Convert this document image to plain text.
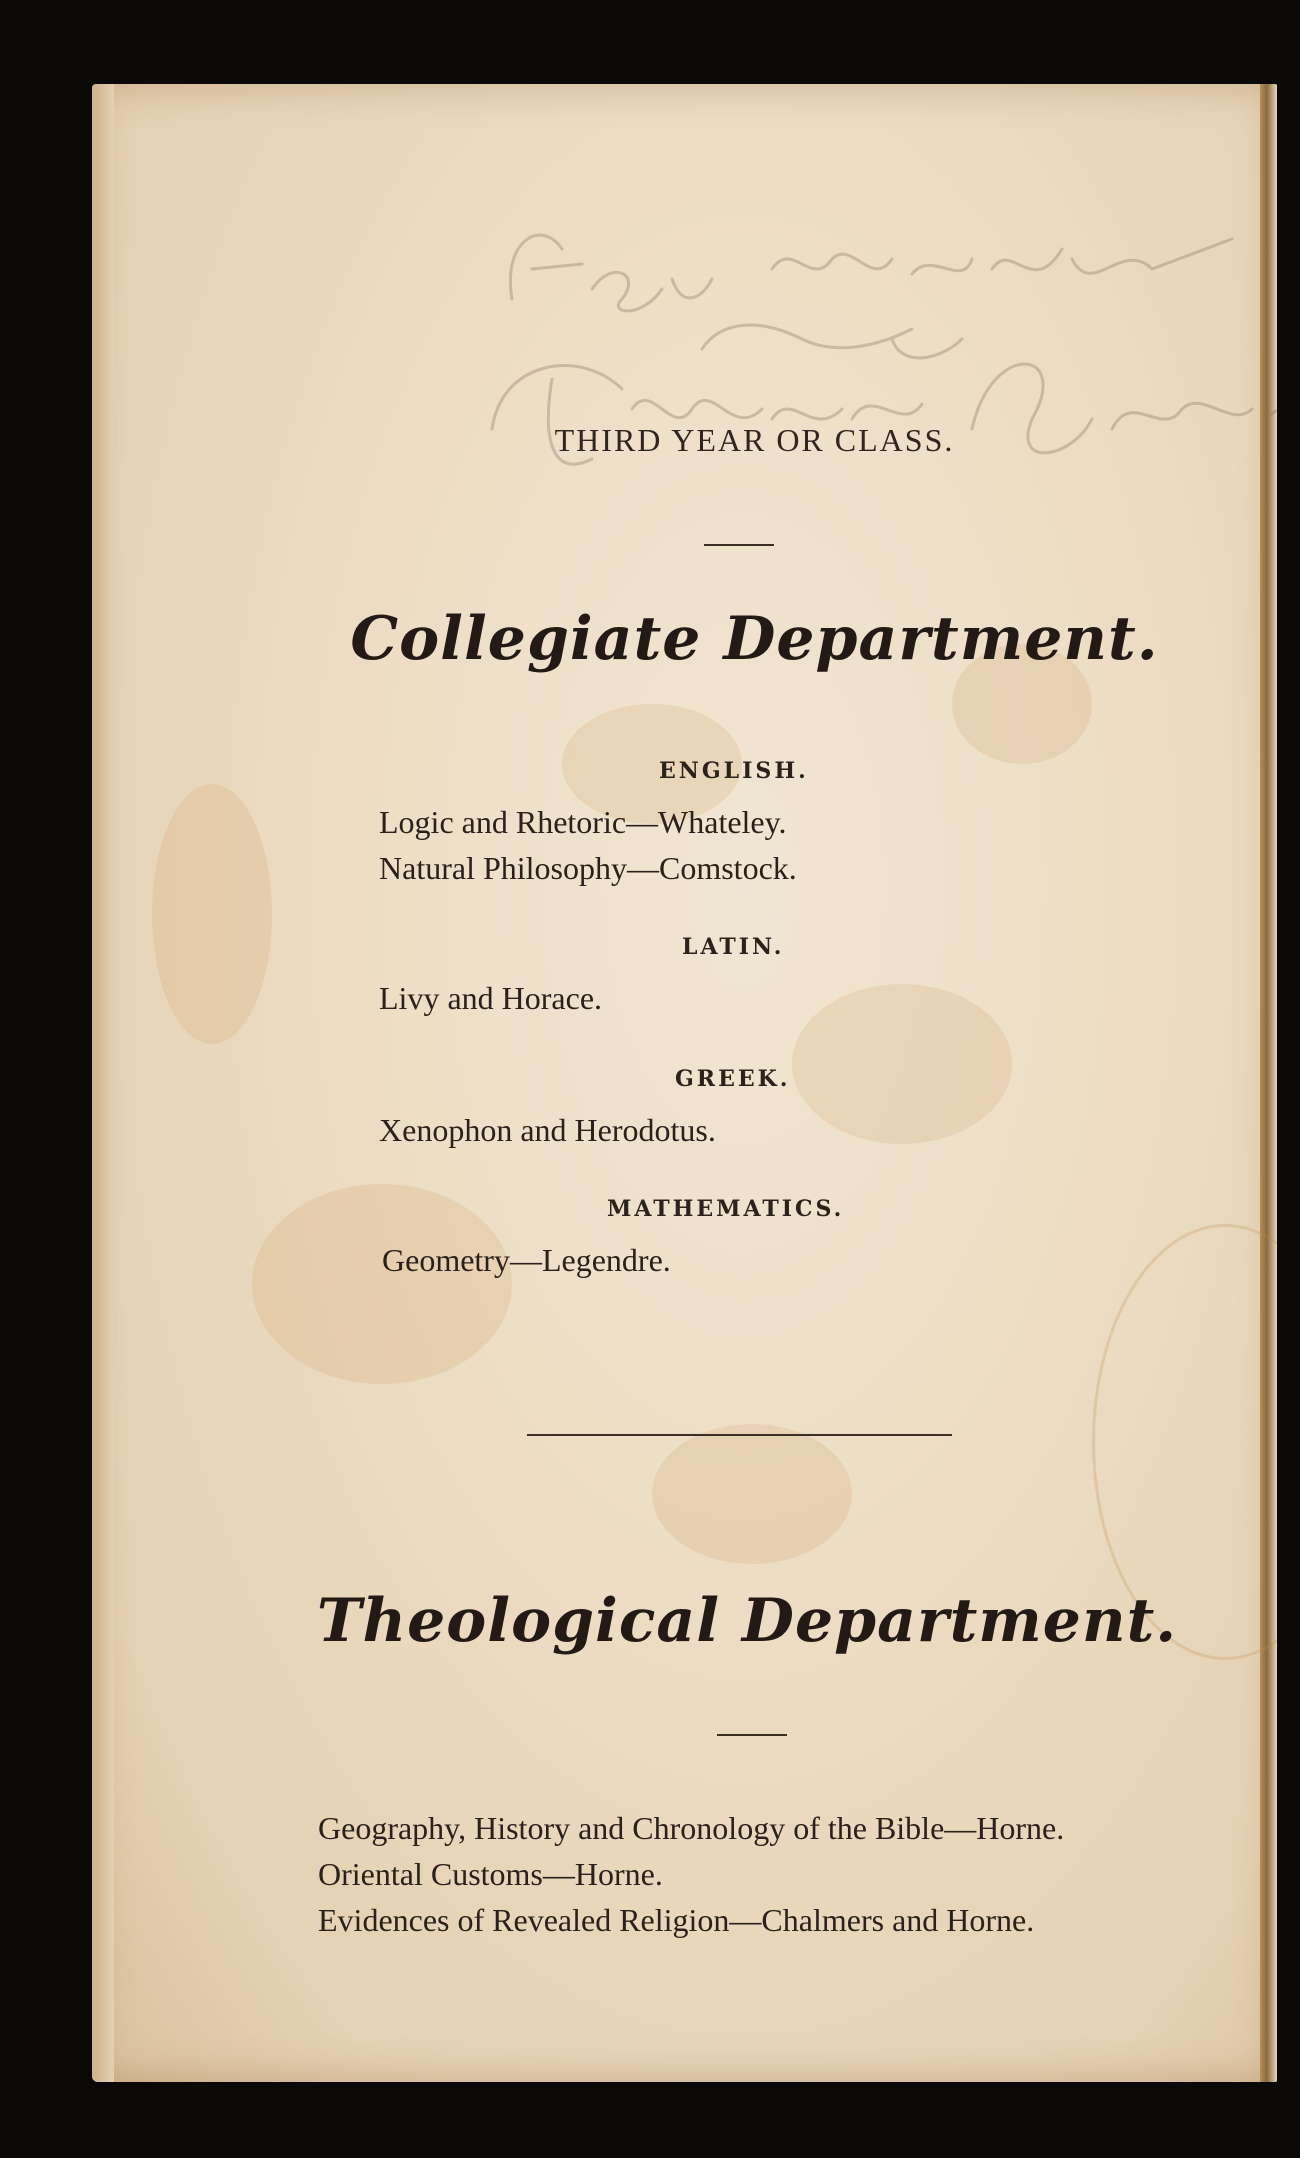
THIRD YEAR OR CLASS.
Collegiate Department.
ENGLISH.
Logic and Rhetoric—Whateley.
Natural Philosophy—Comstock.
LATIN.
Livy and Horace.
GREEK.
Xenophon and Herodotus.
MATHEMATICS.
Geometry—Legendre.
Theological Department.
Geography, History and Chronology of the Bible—Horne.
Oriental Customs—Horne.
Evidences of Revealed Religion—Chalmers and Horne.
